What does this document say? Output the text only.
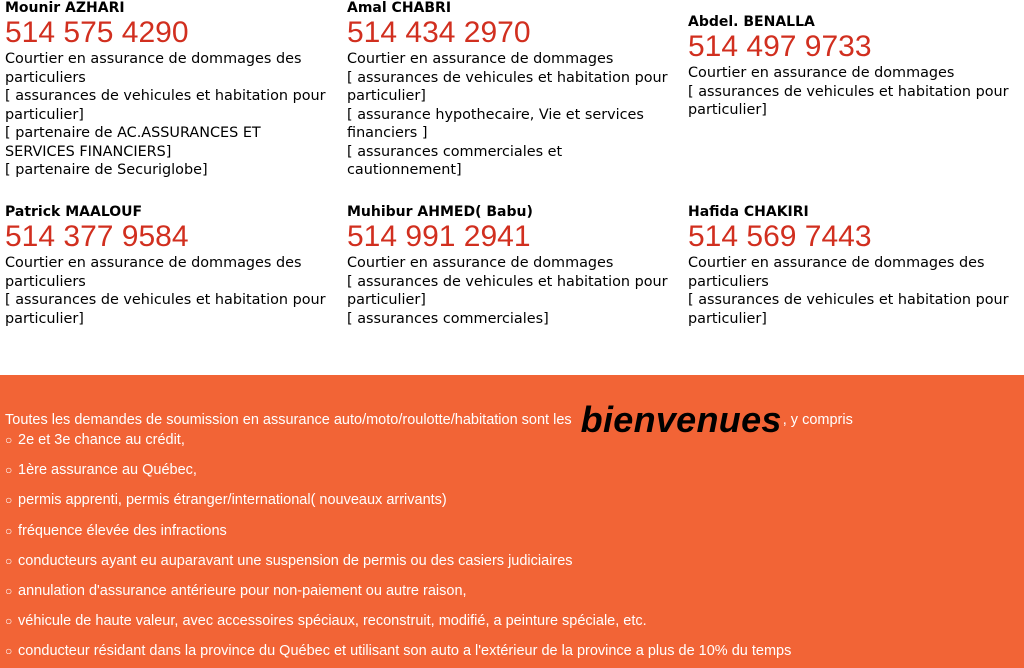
Mounir AZHARI
514 575 4290
Courtier en assurance de dommages des particuliers
[ assurances de vehicules et habitation pour particulier]
[ partenaire de AC.ASSURANCES ET SERVICES FINANCIERS]
[ partenaire de Securiglobe]
Amal CHABRI
514 434 2970
Courtier en assurance de dommages
[ assurances de vehicules et habitation pour particulier]
[ assurance hypothecaire, Vie et services financiers ]
[ assurances commerciales et cautionnement]
Abdel. BENALLA
514 497 9733
Courtier en assurance de dommages
[ assurances de vehicules et habitation pour particulier]
Patrick MAALOUF
514 377 9584
Courtier en assurance de dommages des particuliers
[ assurances de vehicules et habitation pour particulier]
Muhibur AHMED( Babu)
514 991 2941
Courtier en assurance de dommages
[ assurances de vehicules et habitation pour particulier]
[ assurances commerciales]
Hafida CHAKIRI
514 569 7443
Courtier en assurance de dommages des particuliers
[ assurances de vehicules et habitation pour particulier]
Toutes les demandes de soumission en assurance auto/moto/roulotte/habitation sont les bienvenues, y compris
○ 2e et 3e chance au crédit,
○ 1ère assurance au Québec,
○ permis apprenti, permis étranger/international( nouveaux arrivants)
○ fréquence élevée des infractions
○ conducteurs ayant eu auparavant une suspension de permis ou des casiers judiciaires
○ annulation d'assurance antérieure pour non-paiement ou autre raison,
○ véhicule de haute valeur, avec accessoires spéciaux, reconstruit, modifié, a peinture spéciale, etc.
○ conducteur résidant dans la province du Québec et utilisant son auto a l'extérieur de la province a plus de 10% du temps
